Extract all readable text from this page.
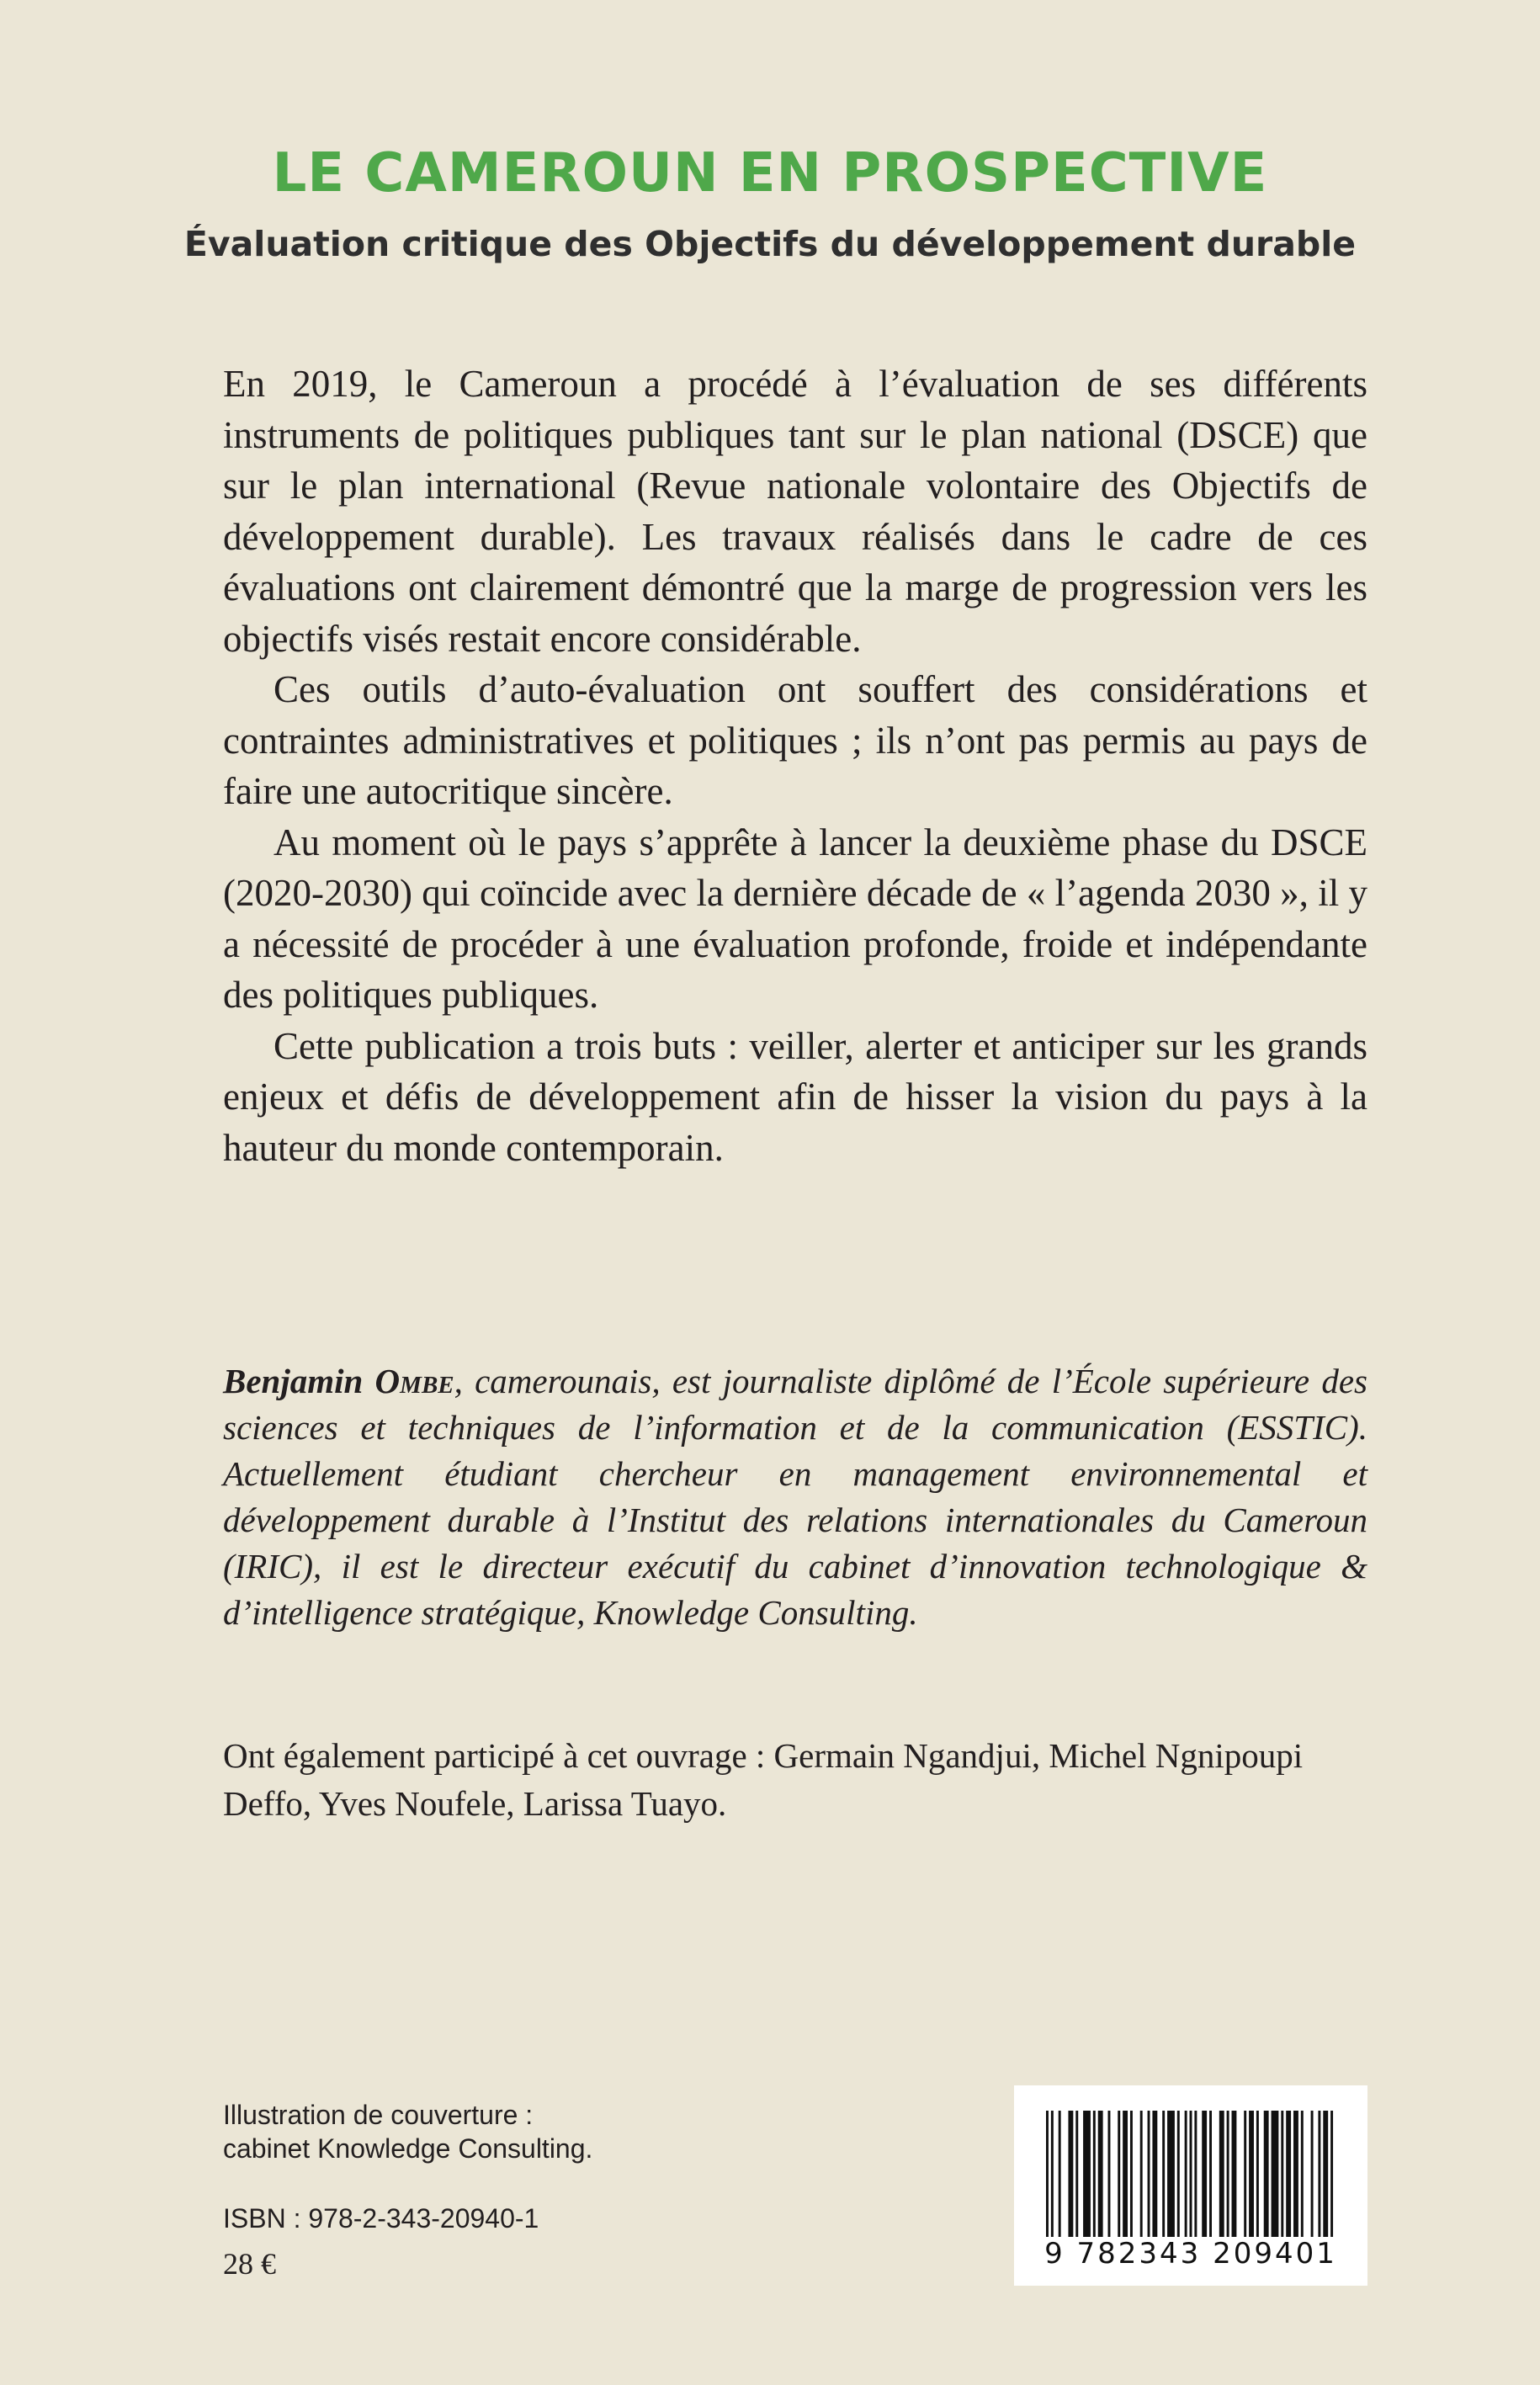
LE CAMEROUN EN PROSPECTIVE
Évaluation critique des Objectifs du développement durable

En 2019, le Cameroun a procédé à l’évaluation de ses différents instruments de politiques publiques tant sur le plan national (DSCE) que sur le plan international (Revue nationale volontaire des Objectifs de développement durable). Les travaux réalisés dans le cadre de ces évaluations ont clairement démontré que la marge de progression vers les objectifs visés restait encore considérable.

Ces outils d’auto-évaluation ont souffert des considérations et contraintes administratives et politiques ; ils n’ont pas permis au pays de faire une autocritique sincère.

Au moment où le pays s’apprête à lancer la deuxième phase du DSCE (2020-2030) qui coïncide avec la dernière décade de « l’agenda 2030 », il y a nécessité de procéder à une évaluation profonde, froide et indépendante des politiques publiques.

Cette publication a trois buts : veiller, alerter et anticiper sur les grands enjeux et défis de développement afin de hisser la vision du pays à la hauteur du monde contemporain.

Benjamin Ombe, camerounais, est journaliste diplômé de l’École supérieure des sciences et techniques de l’information et de la communication (ESSTIC). Actuellement étudiant chercheur en management environnemental et développement durable à l’Institut des relations internationales du Cameroun (IRIC), il est le directeur exécutif du cabinet d’innovation technologique & d’intelligence stratégique, Knowledge Consulting.

Ont également participé à cet ouvrage : Germain Ngandjui, Michel Ngnipoupi Deffo, Yves Noufele, Larissa Tuayo.

Illustration de couverture :
cabinet Knowledge Consulting.
ISBN : 978-2-343-20940-1
28 €	9 782343 209401
